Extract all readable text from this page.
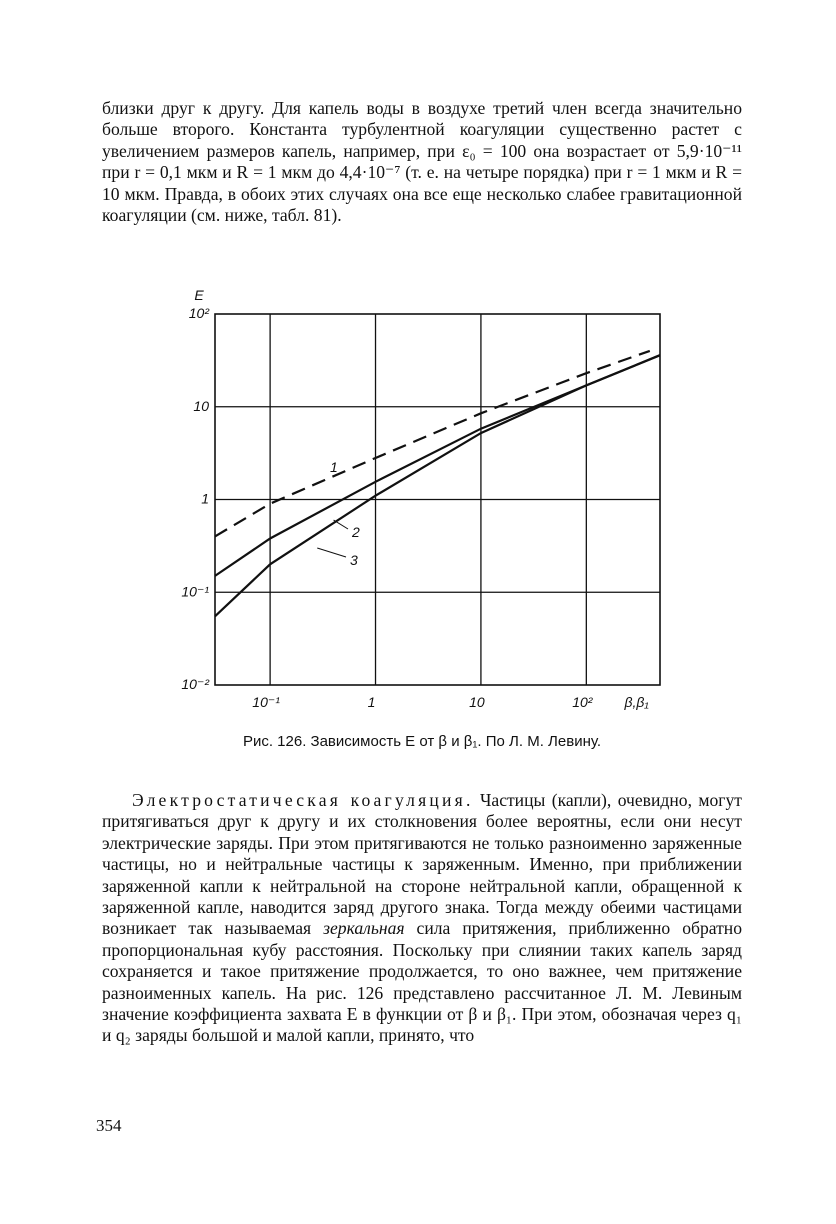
близки друг к другу. Для капель воды в воздухе третий член всегда значительно больше второго. Константа турбулентной коагуляции существенно растет с увеличением размеров капель, например, при ε₀ = 100 она возрастает от 5,9·10⁻¹¹ при r = 0,1 мкм и R = 1 мкм до 4,4·10⁻⁷ (т. е. на четыре порядка) при r = 1 мкм и R = 10 мкм. Правда, в обоих этих случаях она все еще несколько слабее гравитационной коагуляции (см. ниже, табл. 81).

10⁻²
10⁻¹
1
10
10²
10⁻¹	1	10	10²
E
β,β₁
1
2
3

Рис. 126. Зависимость E от β и β₁. По Л. М. Левину.

Электростатическая коагуляция. Частицы (капли), очевидно, могут притягиваться друг к другу и их столкновения более вероятны, если они несут электрические заряды. При этом притягиваются не только разноименно заряженные частицы, но и нейтральные частицы к заряженным. Именно, при приближении заряженной капли к нейтральной на стороне нейтральной капли, обращенной к заряженной капле, наводится заряд другого знака. Тогда между обеими частицами возникает так называемая зеркальная сила притяжения, приближенно обратно пропорциональная кубу расстояния. Поскольку при слиянии таких капель заряд сохраняется и такое притяжение продолжается, то оно важнее, чем притяжение разноименных капель. На рис. 126 представлено рассчитанное Л. М. Левиным значение коэффициента захвата E в функции от β и β₁. При этом, обозначая через q₁ и q₂ заряды большой и малой капли, принято, что

354
